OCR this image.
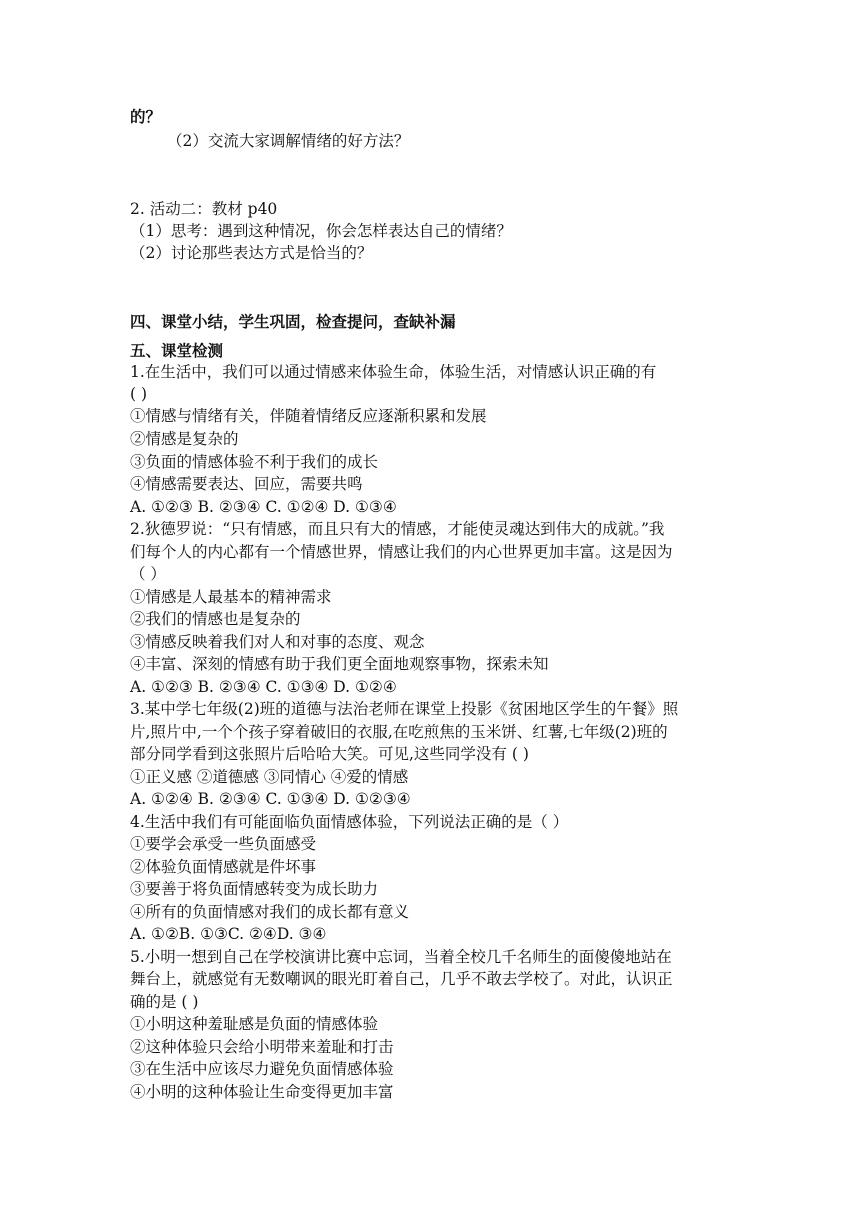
的？
（2）交流大家调解情绪的好方法？
2. 活动二：教材 p40
（1）思考：遇到这种情况，你会怎样表达自己的情绪？
（2）讨论那些表达方式是恰当的？
四、课堂小结，学生巩固，检查提问，查缺补漏
五、课堂检测
1.在生活中，我们可以通过情感来体验生命，体验生活，对情感认识正确的有
( )
①情感与情绪有关，伴随着情绪反应逐渐积累和发展
②情感是复杂的
③负面的情感体验不利于我们的成长
④情感需要表达、回应，需要共鸣
A. ①②③ B. ②③④ C. ①②④ D. ①③④
2.狄德罗说：“只有情感，而且只有大的情感，才能使灵魂达到伟大的成就。”我
们每个人的内心都有一个情感世界，情感让我们的内心世界更加丰富。这是因为
（ ）
①情感是人最基本的精神需求
②我们的情感也是复杂的
③情感反映着我们对人和对事的态度、观念
④丰富、深刻的情感有助于我们更全面地观察事物，探索未知
A. ①②③ B. ②③④ C. ①③④ D. ①②④
3.某中学七年级(2)班的道德与法治老师在课堂上投影《贫困地区学生的午餐》照
片,照片中,一个个孩子穿着破旧的衣服,在吃煎焦的玉米饼、红薯,七年级(2)班的
部分同学看到这张照片后哈哈大笑。可见,这些同学没有 ( )
①正义感 ②道德感 ③同情心 ④爱的情感
A. ①②④ B. ②③④ C. ①③④ D. ①②③④
4.生活中我们有可能面临负面情感体验，下列说法正确的是（ ）
①要学会承受一些负面感受
②体验负面情感就是件坏事
③要善于将负面情感转变为成长助力
④所有的负面情感对我们的成长都有意义
A. ①②B. ①③C. ②④D. ③④
5.小明一想到自己在学校演讲比赛中忘词，当着全校几千名师生的面傻傻地站在
舞台上，就感觉有无数嘲讽的眼光盯着自己，几乎不敢去学校了。对此，认识正
确的是 ( )
①小明这种羞耻感是负面的情感体验
②这种体验只会给小明带来羞耻和打击
③在生活中应该尽力避免负面情感体验
④小明的这种体验让生命变得更加丰富
